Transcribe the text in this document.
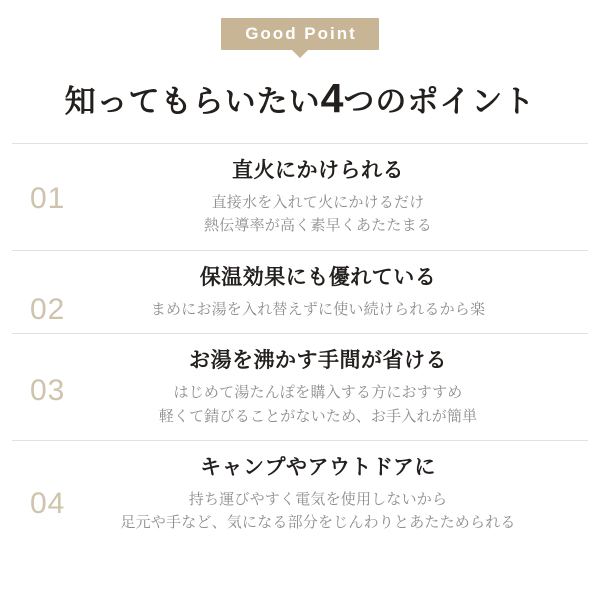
Good Point
知ってもらいたい4つのポイント
01
直火にかけられる
直接水を入れて火にかけるだけ
熱伝導率が高く素早くあたたまる
02
保温効果にも優れている
まめにお湯を入れ替えずに使い続けられるから楽
03
お湯を沸かす手間が省ける
はじめて湯たんぽを購入する方におすすめ
軽くて錆びることがないため、お手入れが簡単
04
キャンプやアウトドアに
持ち運びやすく電気を使用しないから
足元や手など、気になる部分をじんわりとあたためられる
